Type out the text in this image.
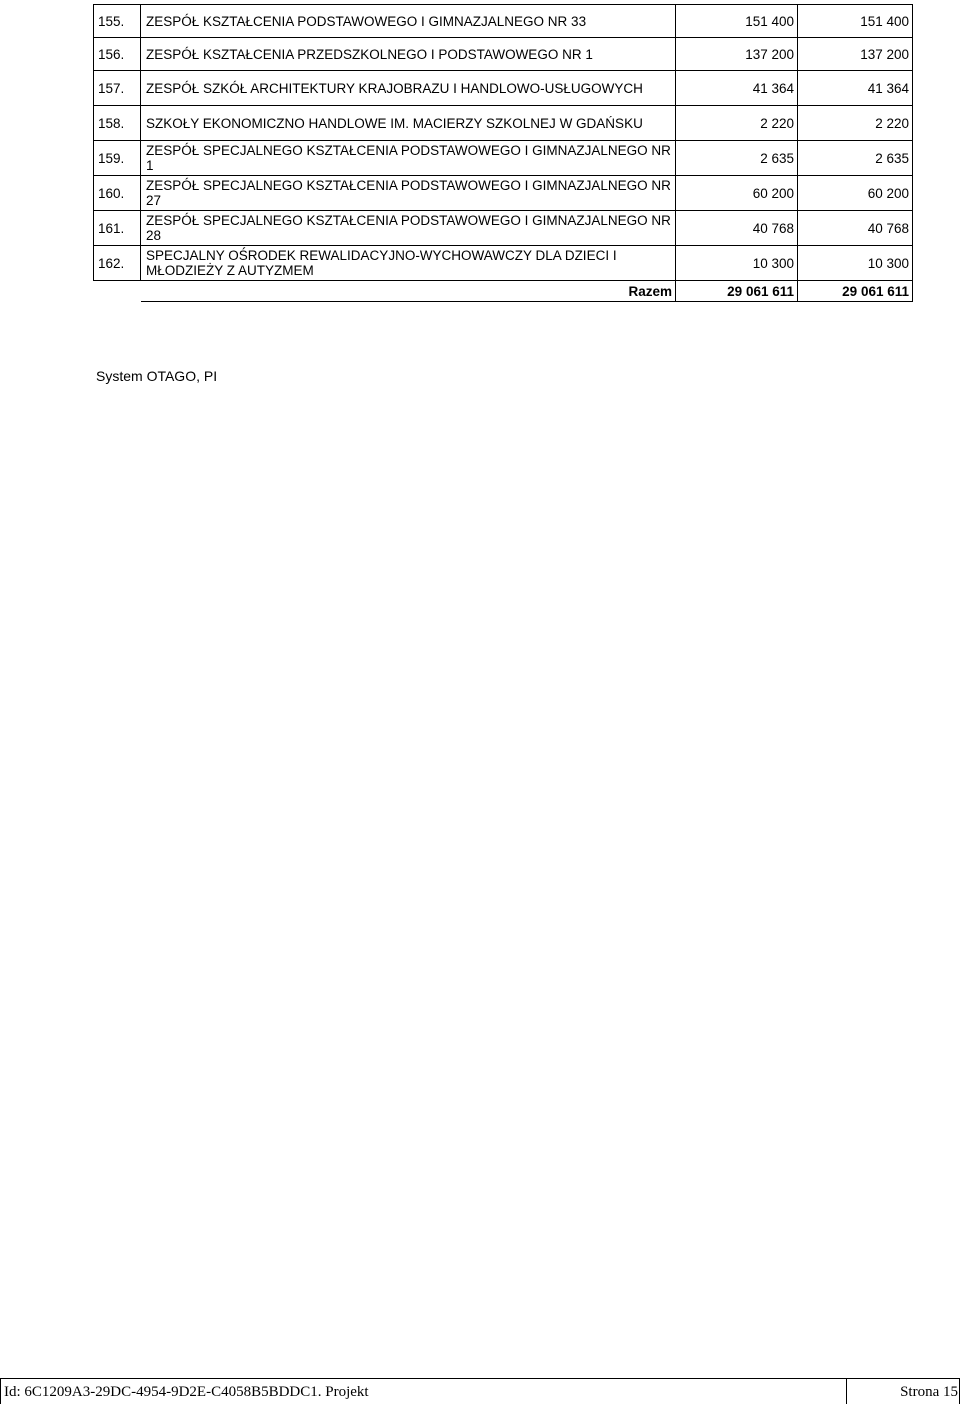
155.	ZESPÓŁ KSZTAŁCENIA PODSTAWOWEGO I GIMNAZJALNEGO NR 33	151 400	151 400
156.	ZESPÓŁ KSZTAŁCENIA PRZEDSZKOLNEGO I PODSTAWOWEGO NR 1	137 200	137 200
157.	ZESPÓŁ SZKÓŁ ARCHITEKTURY KRAJOBRAZU I HANDLOWO-USŁUGOWYCH	41 364	41 364
158.	SZKOŁY EKONOMICZNO HANDLOWE IM. MACIERZY SZKOLNEJ W GDAŃSKU	2 220	2 220
159.	ZESPÓŁ SPECJALNEGO KSZTAŁCENIA PODSTAWOWEGO I GIMNAZJALNEGO NR 1	2 635	2 635
160.	ZESPÓŁ SPECJALNEGO KSZTAŁCENIA PODSTAWOWEGO I GIMNAZJALNEGO NR 27	60 200	60 200
161.	ZESPÓŁ SPECJALNEGO KSZTAŁCENIA PODSTAWOWEGO I GIMNAZJALNEGO NR 28	40 768	40 768
162.	SPECJALNY OŚRODEK REWALIDACYJNO-WYCHOWAWCZY DLA DZIECI I MŁODZIEŻY Z AUTYZMEM	10 300	10 300
	Razem	29 061 611	29 061 611
System OTAGO, PI
Id: 6C1209A3-29DC-4954-9D2E-C4058B5BDDC1. Projekt	Strona 15
